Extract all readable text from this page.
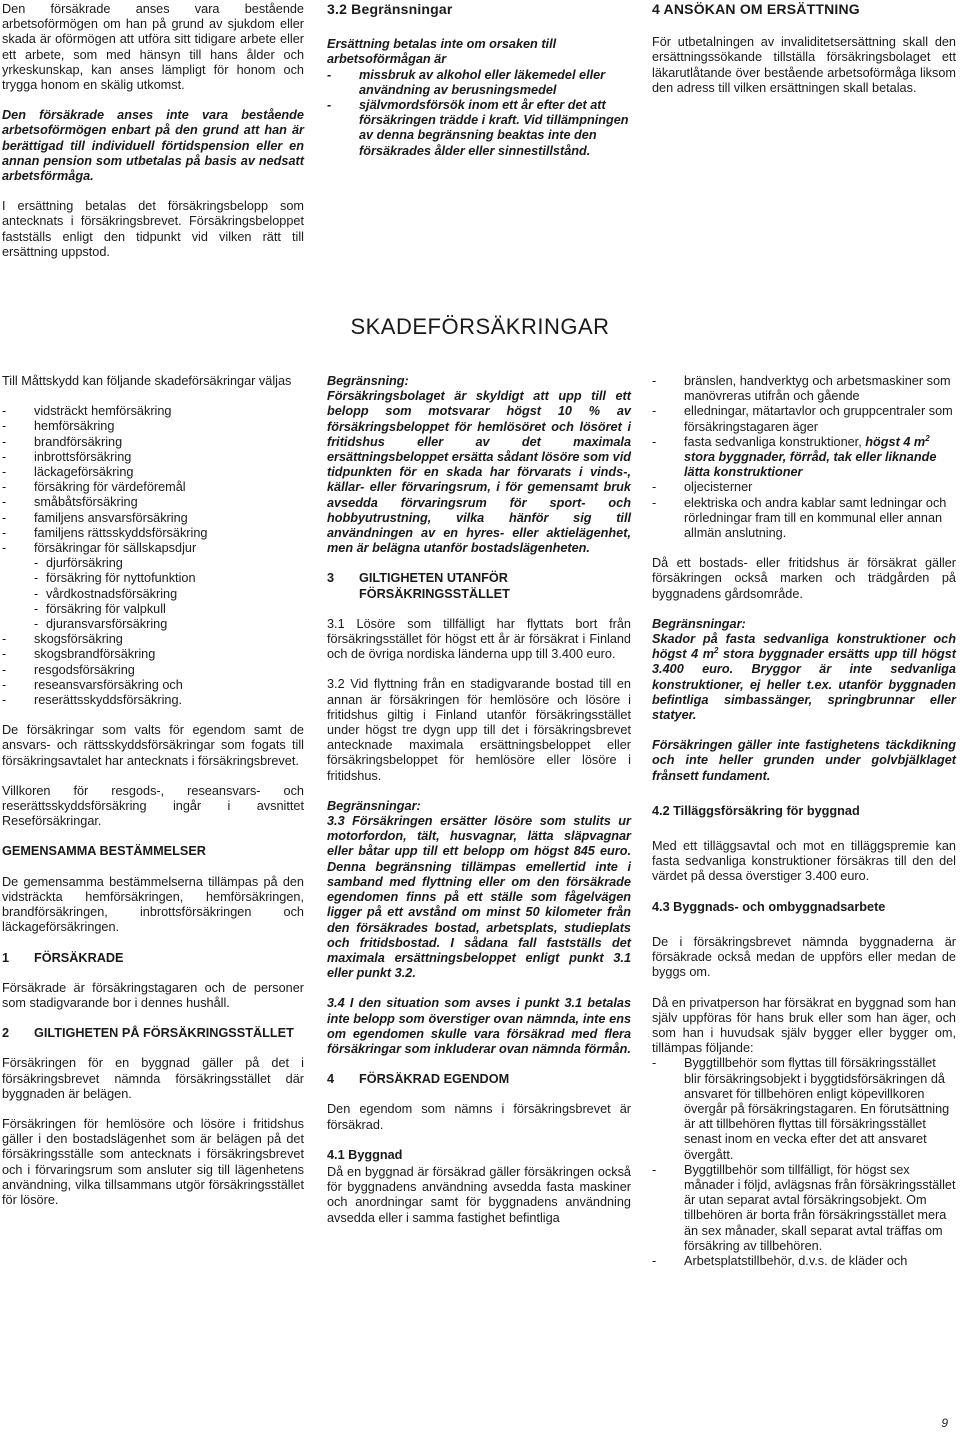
Den försäkrade anses vara bestående arbetsoförmögen om han på grund av sjukdom eller skada är oförmögen att utföra sitt tidigare arbete eller ett arbete, som med hänsyn till hans ålder och yrkeskunskap, kan anses lämpligt för honom och trygga honom en skälig utkomst.

Den försäkrade anses inte vara bestående arbetsoförmögen enbart på den grund att han är berättigad till individuell förtidspension eller en annan pension som utbetalas på basis av nedsatt arbetsförmåga.

I ersättning betalas det försäkringsbelopp som antecknats i försäkringsbrevet. Försäkringsbeloppet fastställs enligt den tidpunkt vid vilken rätt till ersättning uppstod.

3.2 Begränsningar
Ersättning betalas inte om orsaken till arbetsoförmågan är
-	missbruk av alkohol eller läkemedel eller användning av berusningsmedel
-	självmordsförsök inom ett år efter det att försäkringen trädde i kraft. Vid tillämpningen av denna begränsning beaktas inte den försäkrades ålder eller sinnestillstånd.
4 ANSÖKAN OM ERSÄTTNING

För utbetalningen av invaliditetsersättning skall den ersättningssökande tillställa försäkringsbolaget ett läkarutlåtande över bestående arbetsoförmåga liksom den adress till vilken ersättningen skall betalas.

SKADEFÖRSÄKRINGAR

Till Måttskydd kan följande skadeförsäkringar väljas

-	vidsträckt hemförsäkring
-	hemförsäkring
-	brandförsäkring
-	inbrottsförsäkring
-	läckageförsäkring
-	försäkring för värdeföremål
-	småbåtsförsäkring
-	familjens ansvarsförsäkring
-	familjens rättsskyddsförsäkring
-	försäkringar för sällskapsdjur
- djurförsäkring
- försäkring för nyttofunktion
- vårdkostnadsförsäkring
- försäkring för valpkull
- djuransvarsförsäkring
-	skogsförsäkring
-	skogsbrandförsäkring
-	resgodsförsäkring
-	reseansvarsförsäkring och
-	reserättsskyddsförsäkring.

De försäkringar som valts för egendom samt de ansvars- och rättsskyddsförsäkringar som fogats till försäkringsavtalet har antecknats i försäkringsbrevet.

Villkoren för resgods-, reseansvars- och reserättsskyddsförsäkring ingår i avsnittet Reseförsäkringar.

GEMENSAMMA BESTÄMMELSER

De gemensamma bestämmelserna tillämpas på den vidsträckta hemförsäkringen, hemförsäkringen, brandförsäkringen, inbrottsförsäkringen och läckageförsäkringen.

1	FÖRSÄKRADE

Försäkrade är försäkringstagaren och de personer som stadigvarande bor i dennes hushåll.

2	GILTIGHETEN PÅ FÖRSÄKRINGSSTÄLLET

Försäkringen för en byggnad gäller på det i försäkringsbrevet nämnda försäkringsstället där byggnaden är belägen.

Försäkringen för hemlösöre och lösöre i fritidshus gäller i den bostadslägenhet som är belägen på det försäkringsställe som antecknats i försäkringsbrevet och i förvaringsrum som ansluter sig till lägenhetens användning, vilka tillsammans utgör försäkringsstället för lösöre.

Begränsning:

Försäkringsbolaget är skyldigt att upp till ett belopp som motsvarar högst 10 % av försäkringsbeloppet för hemlösöret och lösöret i fritidshus eller av det maximala ersättningsbeloppet ersätta sådant lösöre som vid tidpunkten för en skada har förvarats i vinds-, källar- eller förvaringsrum, i för gemensamt bruk avsedda förvaringsrum för sport- och hobbyutrustning, vilka hänför sig till användningen av en hyres- eller aktielägenhet, men är belägna utanför bostadslägenheten.

3	GILTIGHETEN UTANFÖR FÖRSÄKRINGSSTÄLLET

3.1 Lösöre som tillfälligt har flyttats bort från försäkringsstället för högst ett år är försäkrat i Finland och de övriga nordiska länderna upp till 3.400 euro.

3.2 Vid flyttning från en stadigvarande bostad till en annan är försäkringen för hemlösöre och lösöre i fritidshus giltig i Finland utanför försäkringsstället under högst tre dygn upp till det i försäkringsbrevet antecknade maximala ersättningsbeloppet eller försäkringsbeloppet för hemlösöre eller lösöre i fritidshus.

Begränsningar:

3.3 Försäkringen ersätter lösöre som stulits ur motorfordon, tält, husvagnar, lätta släpvagnar eller båtar upp till ett belopp om högst 845 euro. Denna begränsning tillämpas emellertid inte i samband med flyttning eller om den försäkrade egendomen finns på ett ställe som fågelvägen ligger på ett avstånd om minst 50 kilometer från den försäkrades bostad, arbetsplats, studieplats och fritidsbostad. I sådana fall fastställs det maximala ersättningsbeloppet enligt punkt 3.1 eller punkt 3.2.

3.4 I den situation som avses i punkt 3.1 betalas inte belopp som överstiger ovan nämnda, inte ens om egendomen skulle vara försäkrad med flera försäkringar som inkluderar ovan nämnda förmån.

4	FÖRSÄKRAD EGENDOM

Den egendom som nämns i försäkringsbrevet är försäkrad.

4.1 Byggnad

Då en byggnad är försäkrad gäller försäkringen också för byggnadens användning avsedda fasta maskiner och anordningar samt för byggnadens användning avsedda eller i samma fastighet befintliga

-	bränslen, handverktyg och arbetsmaskiner som manövreras utifrån och gående
-	elledningar, mätartavlor och gruppcentraler som försäkringstagaren äger
-	fasta sedvanliga konstruktioner, högst 4 $m^2$ stora byggnader, förråd, tak eller liknande lätta konstruktioner
-	oljecisterner
-	elektriska och andra kablar samt ledningar och rörledningar fram till en kommunal eller annan allmän anslutning.

Då ett bostads- eller fritidshus är försäkrat gäller försäkringen också marken och trädgården på byggnadens gårdsområde.

Begränsningar:

Skador på fasta sedvanliga konstruktioner och högst 4 $m^2$ stora byggnader ersätts upp till högst 3.400 euro. Bryggor är inte sedvanliga konstruktioner, ej heller t.ex. utanför byggnaden befintliga simbassänger, springbrunnar eller statyer.

Försäkringen gäller inte fastighetens täckdikning och inte heller grunden under golvbjälklaget frånsett fundament.

4.2 Tilläggsförsäkring för byggnad

Med ett tilläggsavtal och mot en tilläggspremie kan fasta sedvanliga konstruktioner försäkras till den del värdet på dessa överstiger 3.400 euro.

4.3 Byggnads- och ombyggnadsarbete

De i försäkringsbrevet nämnda byggnaderna är försäkrade också medan de uppförs eller medan de byggs om.

Då en privatperson har försäkrat en byggnad som han själv uppföras för hans bruk eller som han äger, och som han i huvudsak själv bygger eller bygger om, tillämpas följande:

-	Byggtillbehör som flyttas till försäkringsstället blir försäkringsobjekt i byggtidsförsäkringen då ansvaret för tillbehören enligt köpevillkoren övergår på försäkringstagaren. En förutsättning är att tillbehören flyttas till försäkringsstället senast inom en vecka efter det att ansvaret övergått.
-	Byggtillbehör som tillfälligt, för högst sex månader i följd, avlägsnas från försäkringsstället är utan separat avtal försäkringsobjekt. Om tillbehören är borta från försäkringsstället mera än sex månader, skall separat avtal träffas om försäkring av tillbehören.
-	Arbetsplatstillbehör, d.v.s. de kläder och
9
